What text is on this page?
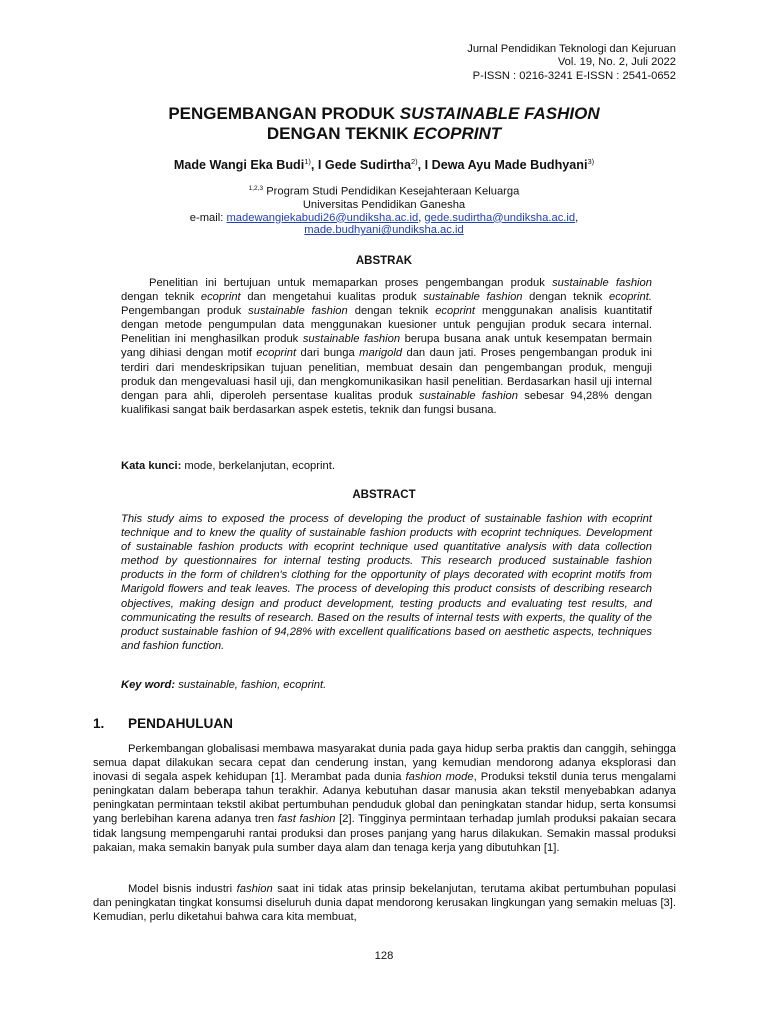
Jurnal Pendidikan Teknologi dan Kejuruan
Vol. 19, No. 2, Juli 2022
P-ISSN : 0216-3241 E-ISSN : 2541-0652
PENGEMBANGAN PRODUK SUSTAINABLE FASHION
DENGAN TEKNIK ECOPRINT
Made Wangi Eka Budi$^{1)}$, I Gede Sudirtha$^{2)}$, I Dewa Ayu Made Budhyani$^{3)}$
$^{1,2,3}$ Program Studi Pendidikan Kesejahteraan Keluarga
Universitas Pendidikan Ganesha
e-mail: madewangiekabudi26@undiksha.ac.id, gede.sudirtha@undiksha.ac.id,
made.budhyani@undiksha.ac.id
ABSTRAK

Penelitian ini bertujuan untuk memaparkan proses pengembangan produk sustainable fashion dengan teknik ecoprint dan mengetahui kualitas produk sustainable fashion dengan teknik ecoprint. Pengembangan produk sustainable fashion dengan teknik ecoprint menggunakan analisis kuantitatif dengan metode pengumpulan data menggunakan kuesioner untuk pengujian produk secara internal. Penelitian ini menghasilkan produk sustainable fashion berupa busana anak untuk kesempatan bermain yang dihiasi dengan motif ecoprint dari bunga marigold dan daun jati. Proses pengembangan produk ini terdiri dari mendeskripsikan tujuan penelitian, membuat desain dan pengembangan produk, menguji produk dan mengevaluasi hasil uji, dan mengkomunikasikan hasil penelitian. Berdasarkan hasil uji internal dengan para ahli, diperoleh persentase kualitas produk sustainable fashion sebesar 94,28% dengan kualifikasi sangat baik berdasarkan aspek estetis, teknik dan fungsi busana.

Kata kunci: mode, berkelanjutan, ecoprint.

ABSTRACT

This study aims to exposed the process of developing the product of sustainable fashion with ecoprint technique and to knew the quality of sustainable fashion products with ecoprint techniques. Development of sustainable fashion products with ecoprint technique used quantitative analysis with data collection method by questionnaires for internal testing products. This research produced sustainable fashion products in the form of children's clothing for the opportunity of plays decorated with ecoprint motifs from Marigold flowers and teak leaves. The process of developing this product consists of describing research objectives, making design and product development, testing products and evaluating test results, and communicating the results of research. Based on the results of internal tests with experts, the quality of the product sustainable fashion of 94,28% with excellent qualifications based on aesthetic aspects, techniques and fashion function.

Key word: sustainable, fashion, ecoprint.

1. PENDAHULUAN

Perkembangan globalisasi membawa masyarakat dunia pada gaya hidup serba praktis dan canggih, sehingga semua dapat dilakukan secara cepat dan cenderung instan, yang kemudian mendorong adanya eksplorasi dan inovasi di segala aspek kehidupan [1]. Merambat pada dunia fashion mode, Produksi tekstil dunia terus mengalami peningkatan dalam beberapa tahun terakhir. Adanya kebutuhan dasar manusia akan tekstil menyebabkan adanya peningkatan permintaan tekstil akibat pertumbuhan penduduk global dan peningkatan standar hidup, serta konsumsi yang berlebihan karena adanya tren fast fashion [2]. Tingginya permintaan terhadap jumlah produksi pakaian secara tidak langsung mempengaruhi rantai produksi dan proses panjang yang harus dilakukan. Semakin massal produksi pakaian, maka semakin banyak pula sumber daya alam dan tenaga kerja yang dibutuhkan [1].

Model bisnis industri fashion saat ini tidak atas prinsip bekelanjutan, terutama akibat pertumbuhan populasi dan peningkatan tingkat konsumsi diseluruh dunia dapat mendorong kerusakan lingkungan yang semakin meluas [3]. Kemudian, perlu diketahui bahwa cara kita membuat,

128
